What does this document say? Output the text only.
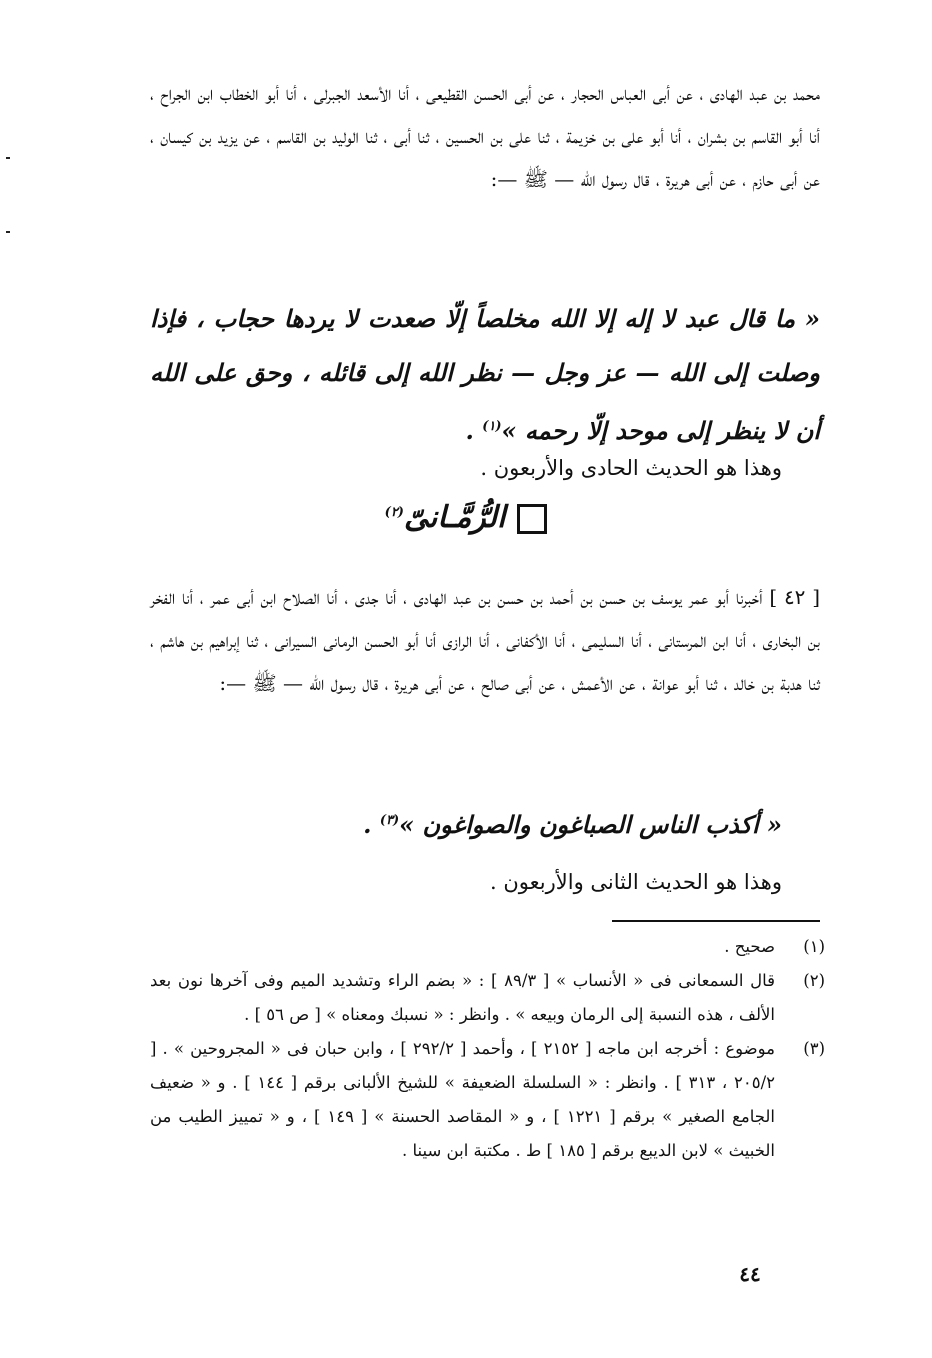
محمد بن عبد الهادى ، عن أبى العباس الحجار ، عن أبى الحسن القطيعى ، أنا الأسعد الجبرلى ، أنا أبو الخطاب ابن الجراح ، أنا أبو القاسم بن بشران ، أنا أبو على بن خزيمة ، ثنا على بن الحسين ، ثنا أبى ، ثنا الوليد بن القاسم ، عن يزيد بن كيسان ، عن أبى حازم ، عن أبى هريرة ، قال رسول الله — ﷺ —:
« ما قال عبد لا إله إلا الله مخلصاً إلّا صعدت لا يردها حجاب ، فإذا وصلت إلى الله — عز وجل — نظر الله إلى قائله ، وحق على الله أن لا ينظر إلى موحد إلّا رحمه »$^{(١)}$ .
وهذا هو الحديث الحادى والأربعون .
الرُّمَّـانىّ$^{(٢)}$
[ ٤٢ ] أخبرنا أبو عمر يوسف بن حسن بن أحمد بن حسن بن عبد الهادى ، أنا جدى ، أنا الصلاح ابن أبى عمر ، أنا الفخر بن البخارى ، أنا ابن المرستانى ، أنا السليمى ، أنا الأكفانى ، أنا الرازى أنا أبو الحسن الرمانى السيرانى ، ثنا إبراهيم بن هاشم ، ثنا هدبة بن خالد ، ثنا أبو عوانة ، عن الأعمش ، عن أبى صالح ، عن أبى هريرة ، قال رسول الله — ﷺ —:
« أكذب الناس الصباغون والصواغون »$^{(٣)}$ .
وهذا هو الحديث الثانى والأربعون .
(١)
صحيح .
(٢)
قال السمعانى فى « الأنساب » [ ٨٩/٣ ] : « بضم الراء وتشديد الميم وفى آخرها نون بعد الألف ، هذه النسبة إلى الرمان وبيعه » . وانظر : « نسبك ومعناه » [ ص ٥٦ ] .
(٣)
موضوع : أخرجه ابن ماجه [ ٢١٥٢ ] ، وأحمد [ ٢٩٢/٢ ] ، وابن حبان فى « المجروحين » . [ ٢٠٥/٢ ، ٣١٣ ] . وانظر : « السلسلة الضعيفة » للشيخ الألبانى برقم [ ١٤٤ ] . و « ضعيف الجامع الصغير » برقم [ ١٢٢١ ] ، و « المقاصد الحسنة » [ ١٤٩ ] ، و « تمييز الطيب من الخبيث » لابن الديبع برقم [ ١٨٥ ] ط . مكتبة ابن سينا .
٤٤
